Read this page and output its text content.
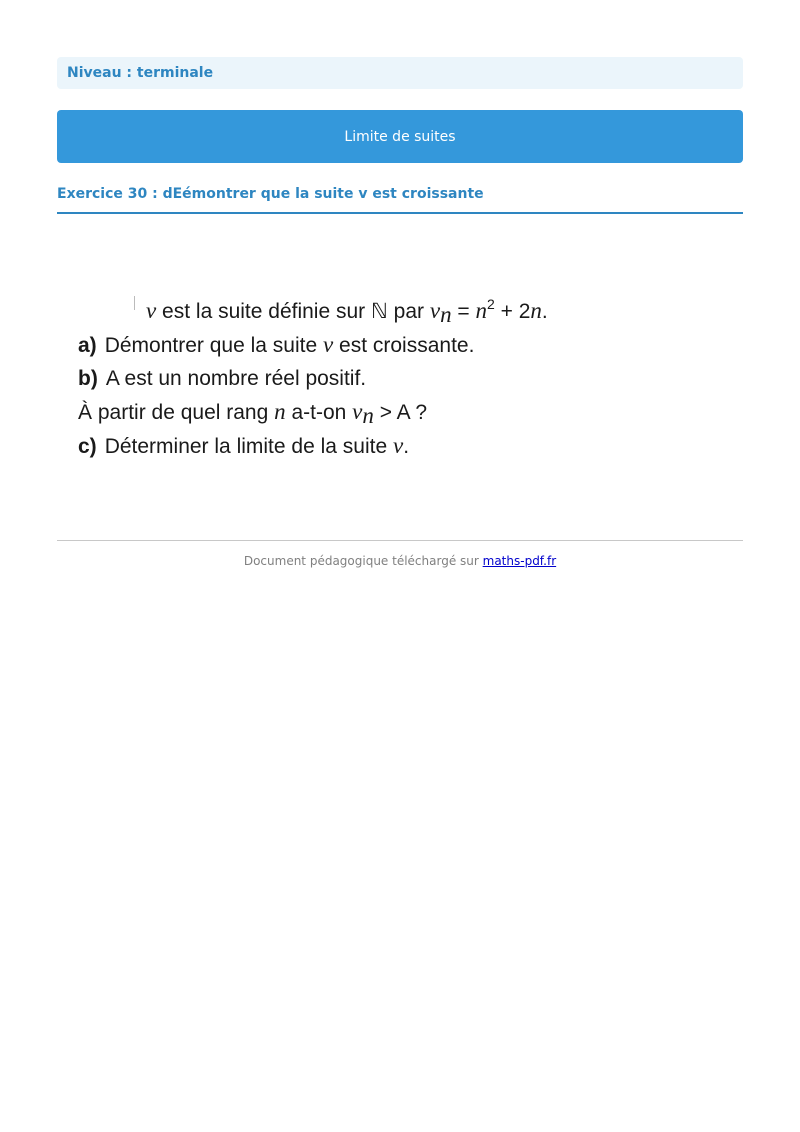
Niveau : terminale
Limite de suites
Exercice 30 : dEémontrer que la suite v est croissante
v est la suite définie sur ℕ par $v_n = n^2 + 2n$.
a) Démontrer que la suite v est croissante.
b) A est un nombre réel positif.
À partir de quel rang n a-t-on $v_n > A$ ?
c) Déterminer la limite de la suite v.
Document pédagogique téléchargé sur maths-pdf.fr
